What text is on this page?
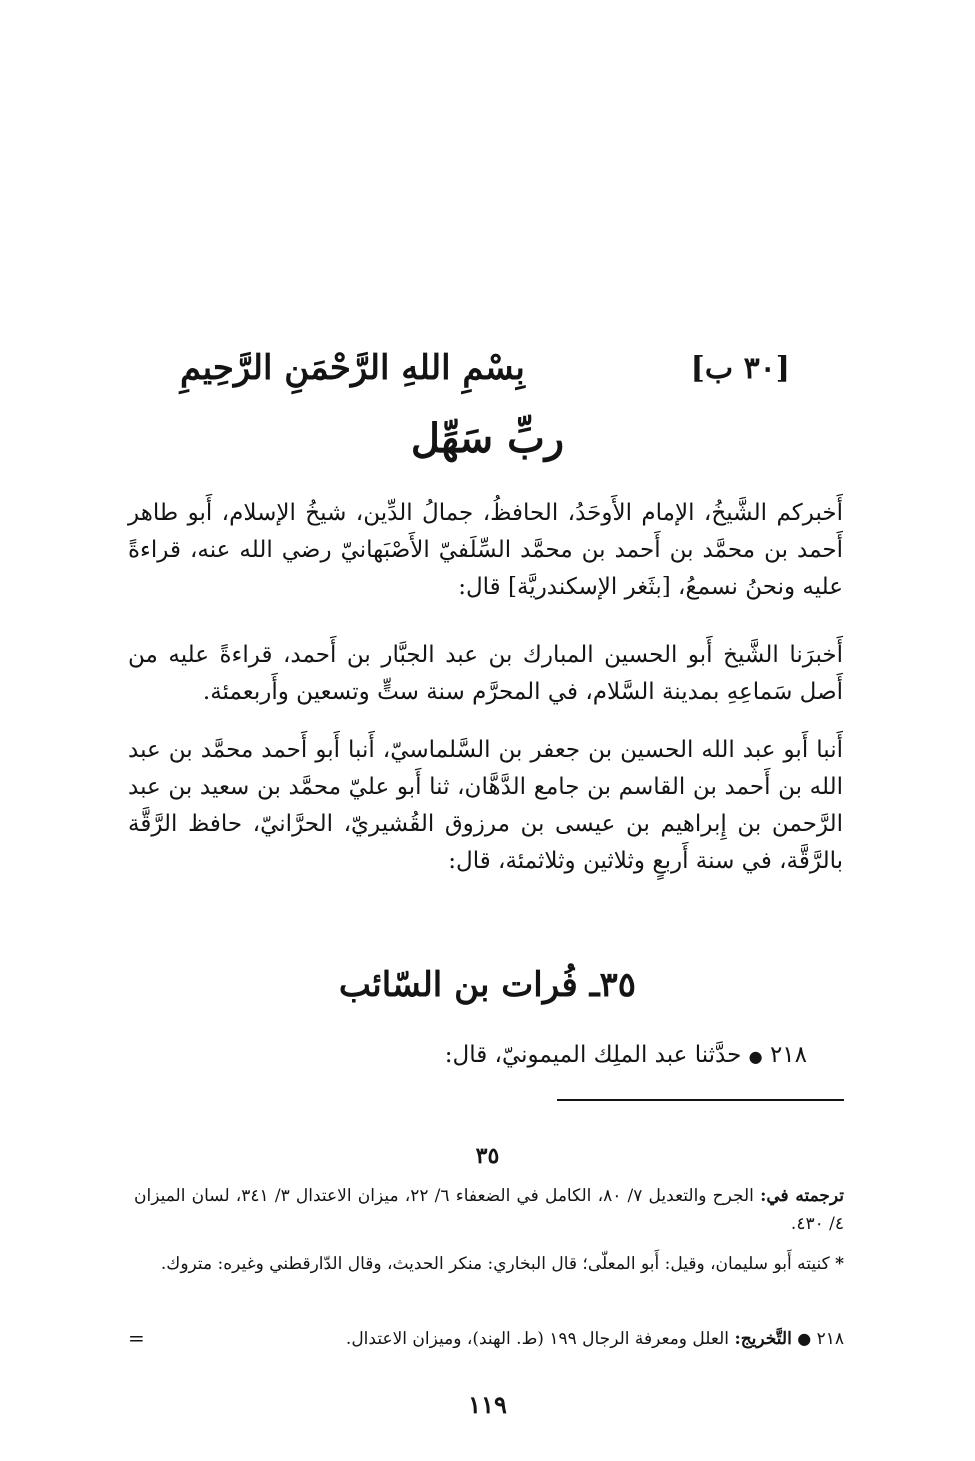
[٣٠ ب]
بِسْمِ اللهِ الرَّحْمَنِ الرَّحِيمِ
ربِّ سَهِّل
أَخبركم الشَّيخُ، الإمام الأَوحَدُ، الحافظُ، جمالُ الدِّين، شيخُ الإسلام، أَبو طاهر أَحمد بن محمَّد بن أَحمد بن محمَّد السِّلَفيّ الأَصْبَهانيّ رضي الله عنه، قراءةً عليه ونحنُ نسمعُ، [بثَغر الإسكندريَّة] قال:
أَخبرَنا الشَّيخ أَبو الحسين المبارك بن عبد الجبَّار بن أَحمد، قراءةً عليه من أَصل سَماعِهِ بمدينة السَّلام، في المحرَّم سنة ستٍّ وتسعين وأَربعمئة.
أَنبا أَبو عبد الله الحسين بن جعفر بن السَّلماسيّ، أَنبا أَبو أَحمد محمَّد بن عبد الله بن أَحمد بن القاسم بن جامع الدَّهَّان، ثنا أَبو عليّ محمَّد بن سعيد بن عبد الرَّحمن بن إِبراهيم بن عيسى بن مرزوق القُشيريّ، الحرَّانيّ، حافظ الرَّقَّة بالرَّقَّة، في سنة أَربعٍ وثلاثين وثلاثمئة، قال:
٣٥ـ فُرات بن السّائب
٢١٨ ● حدَّثنا عبد الملِك الميمونيّ، قال:
٣٥
ترجمته في: الجرح والتعديل ٧/ ٨٠، الكامل في الضعفاء ٦/ ٢٢، ميزان الاعتدال ٣/ ٣٤١، لسان الميزان ٤/ ٤٣٠.
* كنيته أَبو سليمان، وقيل: أَبو المعلّى؛ قال البخاري: منكر الحديث، وقال الدّارقطني وغيره: متروك.
٢١٨ ● التَّخريج: العلل ومعرفة الرجال ١٩٩ (ط. الهند)، وميزان الاعتدال.
=
١١٩
